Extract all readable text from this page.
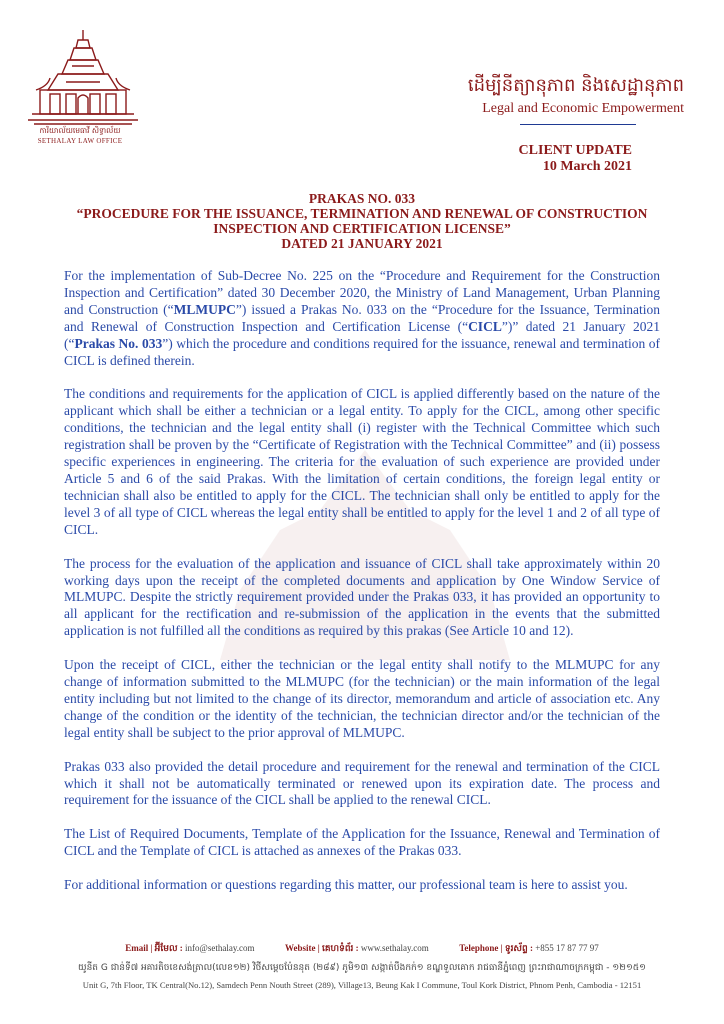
ការិយាល័យមេធាវី សិទ្ធាល័យ
SETHALAY LAW OFFICE
ដើម្បីនីត្យានុភាព និងសេដ្ឋានុភាព
Legal and Economic Empowerment
CLIENT UPDATE
10 March 2021
PRAKAS NO. 033
“PROCEDURE FOR THE ISSUANCE, TERMINATION AND RENEWAL OF CONSTRUCTION
INSPECTION AND CERTIFICATION LICENSE”
DATED 21 JANUARY 2021

For the implementation of Sub-Decree No. 225 on the “Procedure and Requirement for the Construction Inspection and Certification” dated 30 December 2020, the Ministry of Land Management, Urban Planning and Construction (“MLMUPC”) issued a Prakas No. 033 on the “Procedure for the Issuance, Termination and Renewal of Construction Inspection and Certification License (“CICL”)” dated 21 January 2021 (“Prakas No. 033”) which the procedure and conditions required for the issuance, renewal and termination of CICL is defined therein.

The conditions and requirements for the application of CICL is applied differently based on the nature of the applicant which shall be either a technician or a legal entity. To apply for the CICL, among other specific conditions, the technician and the legal entity shall (i) register with the Technical Committee which such registration shall be proven by the “Certificate of Registration with the Technical Committee” and (ii) possess specific experiences in engineering. The criteria for the evaluation of such experience are provided under Article 5 and 6 of the said Prakas. With the limitation of certain conditions, the foreign legal entity or technician shall also be entitled to apply for the CICL. The technician shall only be entitled to apply for the level 3 of all type of CICL whereas the legal entity shall be entitled to apply for the level 1 and 2 of all type of CICL.

The process for the evaluation of the application and issuance of CICL shall take approximately within 20 working days upon the receipt of the completed documents and application by One Window Service of MLMUPC. Despite the strictly requirement provided under the Prakas 033, it has provided an opportunity to all applicant for the rectification and re-submission of the application in the events that the submitted application is not fulfilled all the conditions as required by this prakas (See Article 10 and 12).

Upon the receipt of CICL, either the technician or the legal entity shall notify to the MLMUPC for any change of information submitted to the MLMUPC (for the technician) or the main information of the legal entity including but not limited to the change of its director, memorandum and article of association etc. Any change of the condition or the identity of the technician, the technician director and/or the technician of the legal entity shall be subject to the prior approval of MLMUPC.

Prakas 033 also provided the detail procedure and requirement for the renewal and termination of the CICL which it shall not be automatically terminated or renewed upon its expiration date. The process and requirement for the issuance of the CICL shall be applied to the renewal CICL.

The List of Required Documents, Template of the Application for the Issuance, Renewal and Termination of CICL and the Template of CICL is attached as annexes of the Prakas 033.

For additional information or questions regarding this matter, our professional team is here to assist you.

Email | អ៊ីមែល : info@sethalay.com	Website | គេហទំព័រ : www.sethalay.com	Telephone | ទូរស័ព្ទ : +855 17 87 77 97
យូនីត G ជាន់ទី៧ អគារតិចខេសង់ត្រាល(លេខ១២) វិថីសម្ដេចប៉ែននុត (២៨៩) ភូមិ១៣ សង្កាត់បឹងកក់១ ខណ្ឌទួលគោក រាជធានីភ្នំពេញ ព្រះរាជាណាចក្រកម្ពុជា - ១២១៥១
Unit G, 7th Floor, TK Central(No.12), Samdech Penn Nouth Street (289), Village13, Beung Kak I Commune, Toul Kork District, Phnom Penh, Cambodia - 12151
